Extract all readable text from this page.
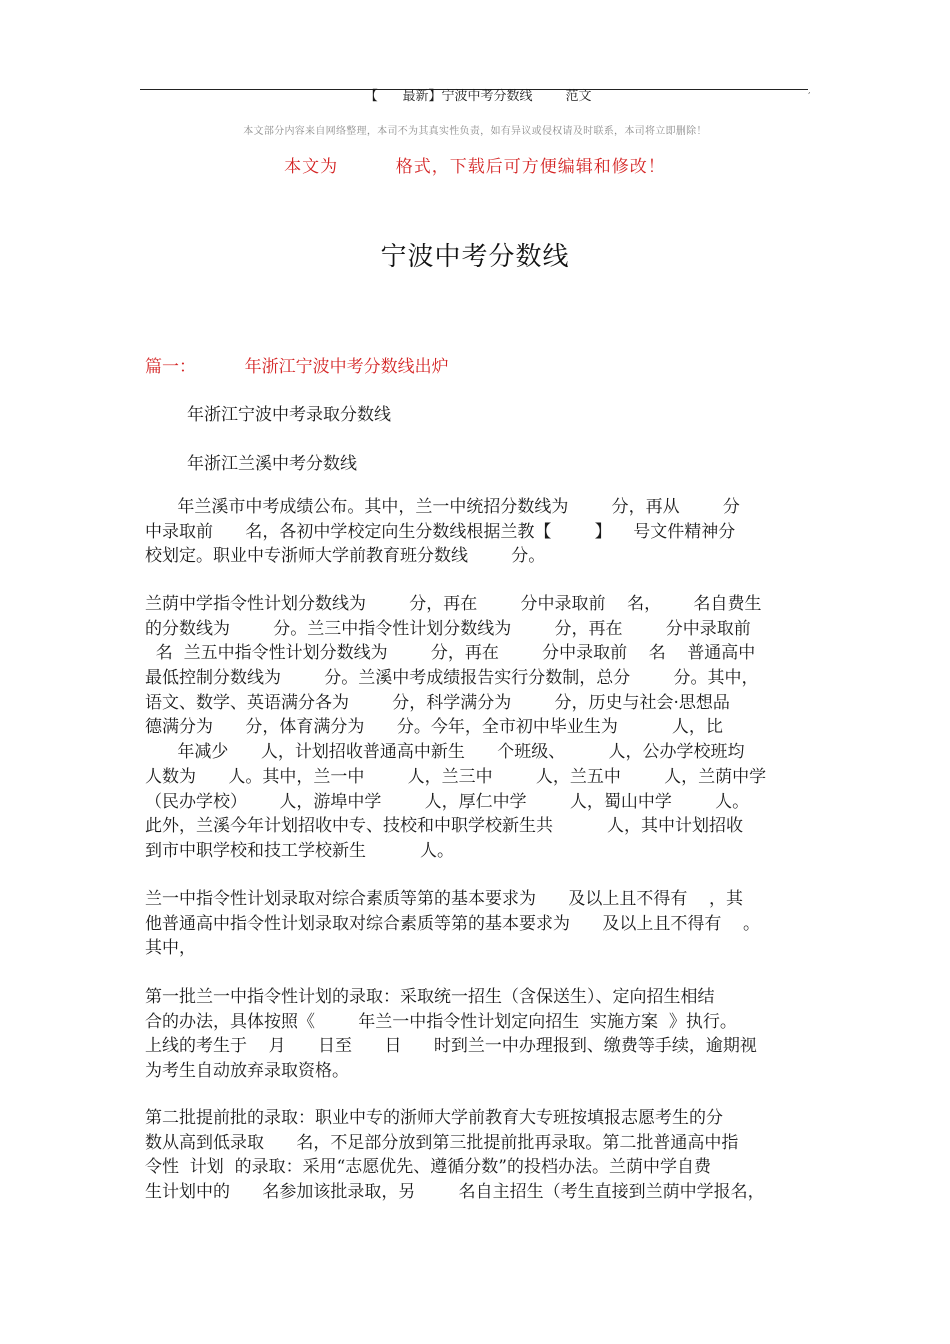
【      最新】宁波中考分数线        范文	,
本文部分内容来自网络整理，本司不为其真实性负责，如有异议或侵权请及时联系，本司将立即删除！
本文为         格式，下载后可方便编辑和修改！
宁波中考分数线
篇一：         年浙江宁波中考分数线出炉
年浙江宁波中考录取分数线
年浙江兰溪中考分数线
年兰溪市中考成绩公布。其中，兰一中统招分数线为        分，再从        分
中录取前      名，各初中学校定向生分数线根据兰教【        】    号文件精神分
校划定。职业中专浙师大学前教育班分数线        分。
兰荫中学指令性计划分数线为        分，再在        分中录取前    名，      名自费生
的分数线为        分。兰三中指令性计划分数线为        分，再在        分中录取前
名  兰五中指令性计划分数线为        分，再在        分中录取前    名    普通高中
最低控制分数线为        分。兰溪中考成绩报告实行分数制，总分        分。其中，
语文、数学、英语满分各为        分，科学满分为        分，历史与社会·思想品
德满分为      分，体育满分为      分。今年，全市初中毕业生为          人，比
年减少      人，计划招收普通高中新生      个班级、        人，公办学校班均
人数为      人。其中，兰一中        人，兰三中        人，兰五中        人，兰荫中学
（民办学校）      人，游埠中学        人，厚仁中学        人，蜀山中学        人。
此外，兰溪今年计划招收中专、技校和中职学校新生共          人，其中计划招收
到市中职学校和技工学校新生          人。
兰一中指令性计划录取对综合素质等第的基本要求为      及以上且不得有    ，其
他普通高中指令性计划录取对综合素质等第的基本要求为      及以上且不得有    。
其中，
第一批兰一中指令性计划的录取：采取统一招生（含保送生）、定向招生相结
合的办法，具体按照《        年兰一中指令性计划定向招生  实施方案  》执行。
上线的考生于    月      日至      日      时到兰一中办理报到、缴费等手续，逾期视
为考生自动放弃录取资格。
第二批提前批的录取：职业中专的浙师大学前教育大专班按填报志愿考生的分
数从高到低录取      名，不足部分放到第三批提前批再录取。第二批普通高中指
令性  计划  的录取：采用“志愿优先、遵循分数”的投档办法。兰荫中学自费
生计划中的      名参加该批录取，另        名自主招生（考生直接到兰荫中学报名，
